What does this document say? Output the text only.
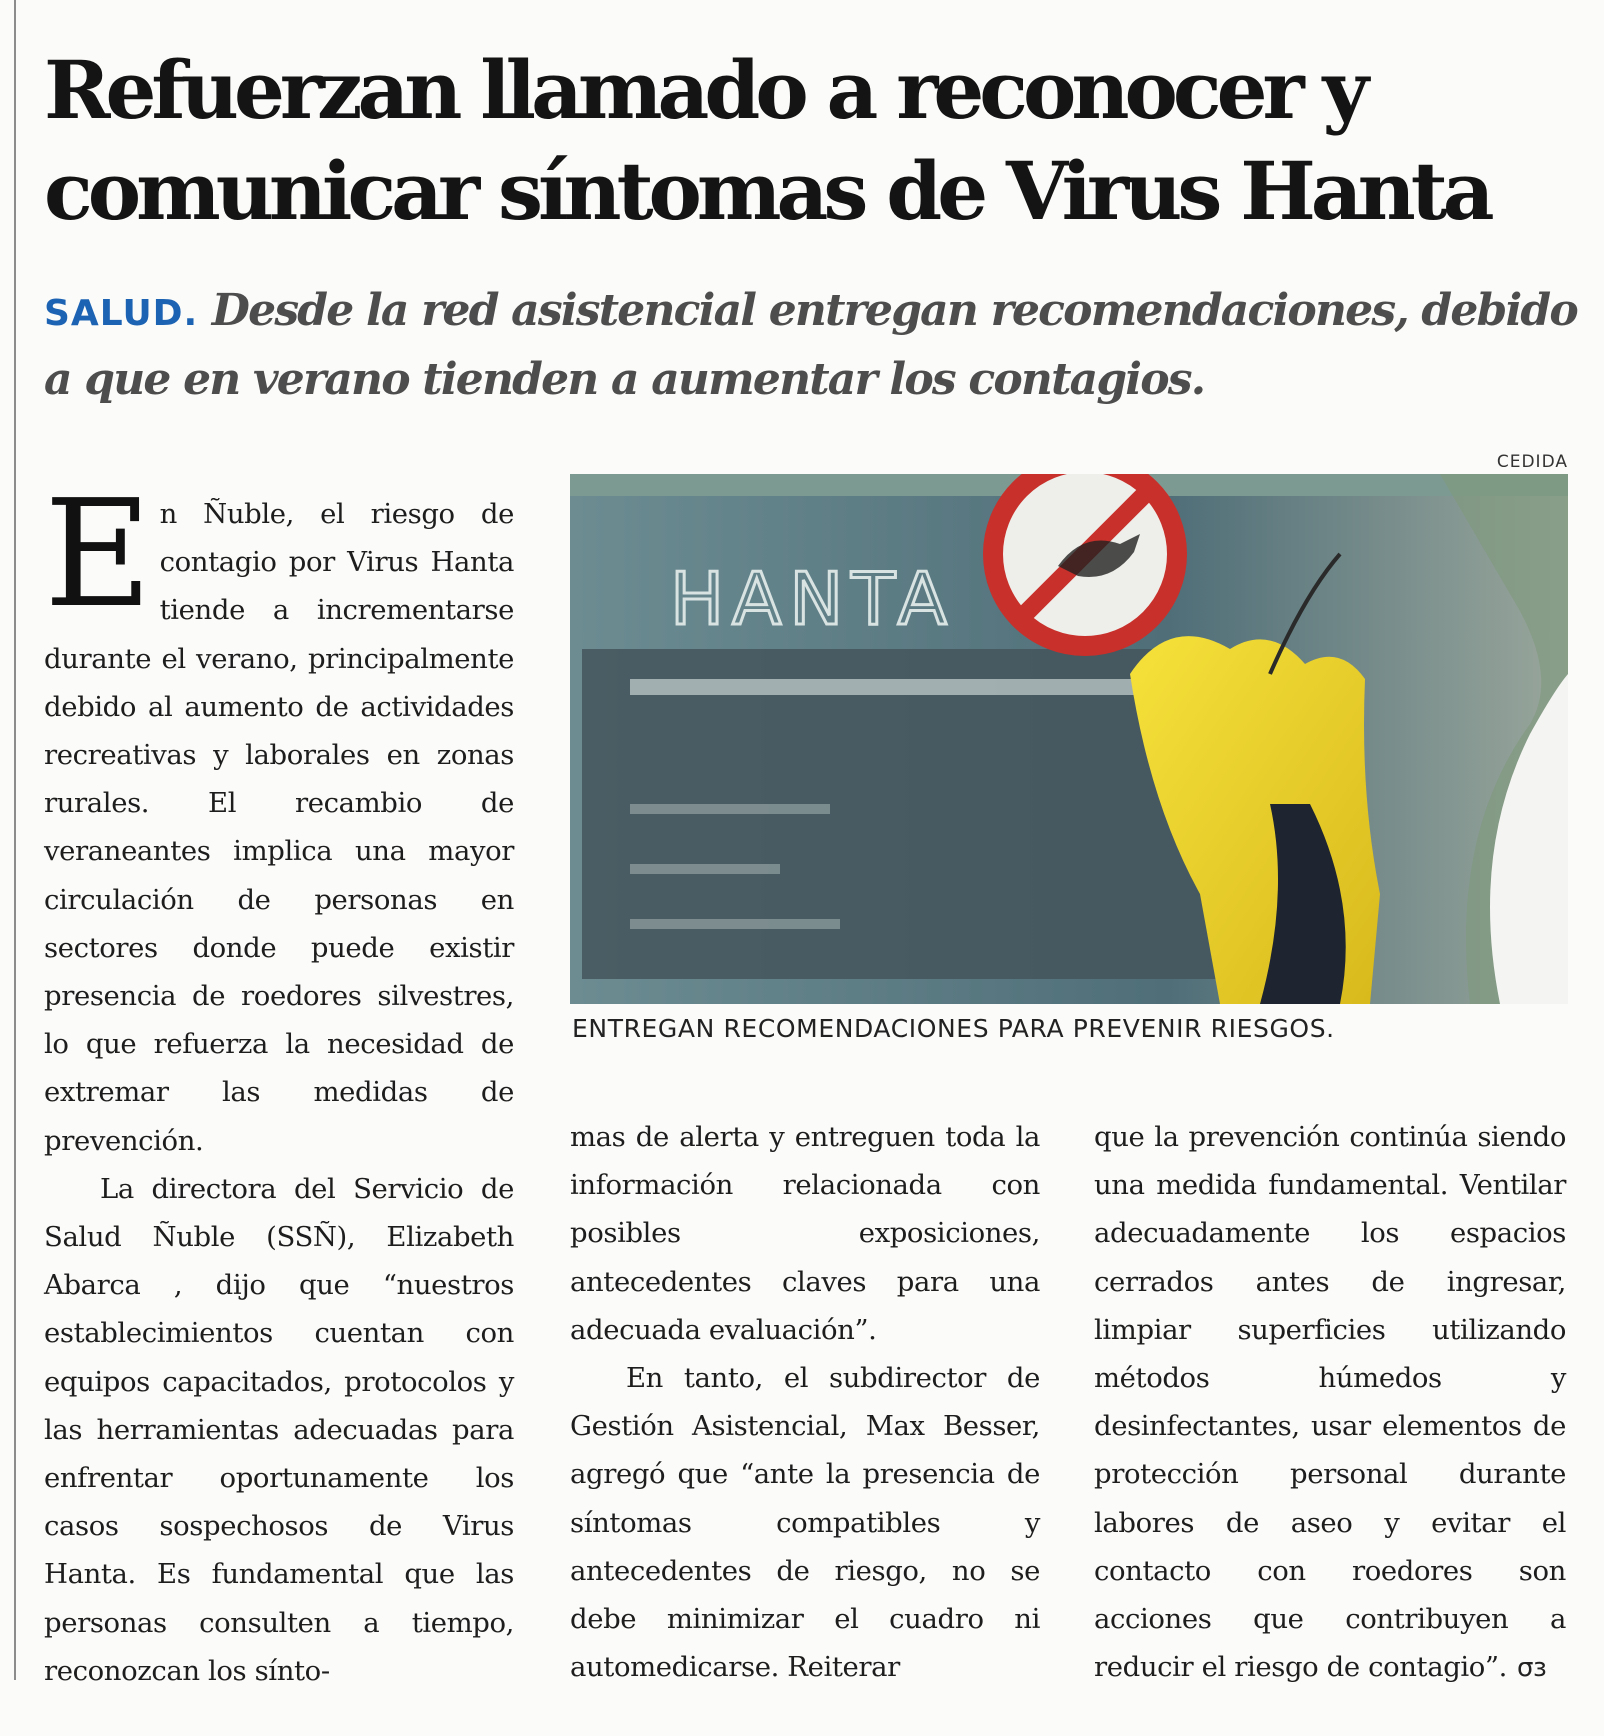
Refuerzan llamado a reconocer y comunicar síntomas de Virus Hanta

SALUD. Desde la red asistencial entregan recomendaciones, debido a que en verano tienden a aumentar los contagios.

CEDIDA
HANTA

ENTREGAN RECOMENDACIONES PARA PREVENIR RIESGOS.

En Ñuble, el riesgo de contagio por Virus Hanta tiende a incrementarse durante el verano, principalmente debido al aumento de actividades recreativas y laborales en zonas rurales. El recambio de veraneantes implica una mayor circulación de personas en sectores donde puede existir presencia de roedores silvestres, lo que refuerza la necesidad de extremar las medidas de prevención.

La directora del Servicio de Salud Ñuble (SSÑ), Elizabeth Abarca , dijo que “nuestros establecimientos cuentan con equipos capacitados, protocolos y las herramientas adecuadas para enfrentar oportunamente los casos sospechosos de Virus Hanta. Es fundamental que las personas consulten a tiempo, reconozcan los sínto-

mas de alerta y entreguen toda la información relacionada con posibles exposiciones, antecedentes claves para una adecuada evaluación”.

En tanto, el subdirector de Gestión Asistencial, Max Besser, agregó que “ante la presencia de síntomas compatibles y antecedentes de riesgo, no se debe minimizar el cuadro ni automedicarse. Reiterar

que la prevención continúa siendo una medida fundamental. Ventilar adecuadamente los espacios cerrados antes de ingresar, limpiar superficies utilizando métodos húmedos y desinfectantes, usar elementos de protección personal durante labores de aseo y evitar el contacto con roedores son acciones que contribuyen a reducir el riesgo de contagio”. σз
